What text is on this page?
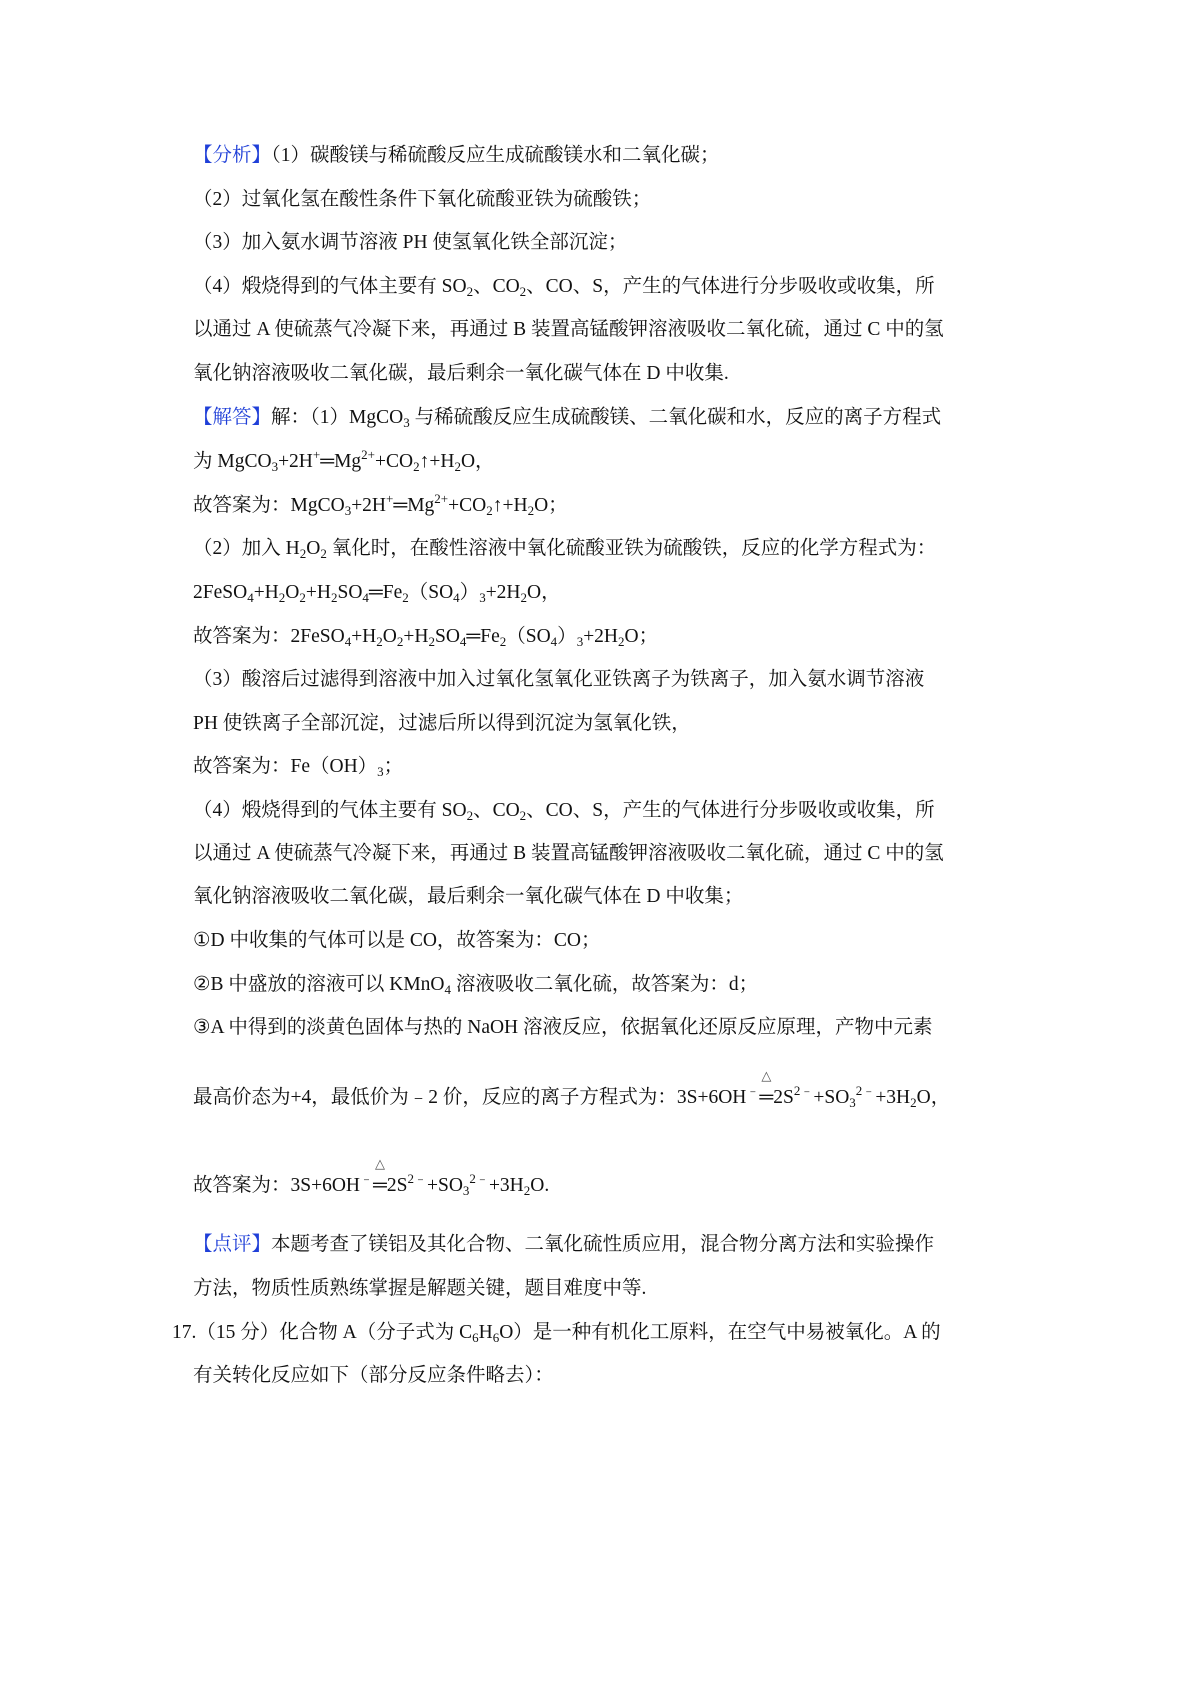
【分析】（1）碳酸镁与稀硫酸反应生成硫酸镁水和二氧化碳；
（2）过氧化氢在酸性条件下氧化硫酸亚铁为硫酸铁；
（3）加入氨水调节溶液 PH 使氢氧化铁全部沉淀；
（4）煅烧得到的气体主要有 $SO_2$、$CO_2$、CO、S，产生的气体进行分步吸收或收集，所
以通过 A 使硫蒸气冷凝下来，再通过 B 装置高锰酸钾溶液吸收二氧化硫，通过 C 中的氢
氧化钠溶液吸收二氧化碳，最后剩余一氧化碳气体在 D 中收集.
【解答】解：（1）MgCO$_3$ 与稀硫酸反应生成硫酸镁、二氧化碳和水，反应的离子方程式
为 $MgCO_3+2H^+═Mg^{2+}+CO_2↑+H_2O$，
故答案为：$MgCO_3+2H^+═Mg^{2+}+CO_2↑+H_2O$；
（2）加入 $H_2O_2$ 氧化时，在酸性溶液中氧化硫酸亚铁为硫酸铁，反应的化学方程式为：
$2FeSO_4+H_2O_2+H_2SO_4═Fe_2(SO_4)_3+2H_2O$，
故答案为：$2FeSO_4+H_2O_2+H_2SO_4═Fe_2(SO_4)_3+2H_2O$；
（3）酸溶后过滤得到溶液中加入过氧化氢氧化亚铁离子为铁离子，加入氨水调节溶液
PH 使铁离子全部沉淀，过滤后所以得到沉淀为氢氧化铁，
故答案为：$Fe(OH)_3$；
（4）煅烧得到的气体主要有 $SO_2$、$CO_2$、CO、S，产生的气体进行分步吸收或收集，所
以通过 A 使硫蒸气冷凝下来，再通过 B 装置高锰酸钾溶液吸收二氧化硫，通过 C 中的氢
氧化钠溶液吸收二氧化碳，最后剩余一氧化碳气体在 D 中收集；
①D 中收集的气体可以是 CO，故答案为：CO；
②B 中盛放的溶液可以 KMnO$_4$ 溶液吸收二氧化硫，故答案为：d；
③A 中得到的淡黄色固体与热的 NaOH 溶液反应，依据氧化还原反应原理，产物中元素
最高价态为+4，最低价为﹣2 价，反应的离子方程式为：3S+6OH﹣
△
$═2S^{2﹣}+SO_3^{2﹣}+3H_2O$，
故答案为：3S+6OH﹣
△
$═2S^{2﹣}+SO_3^{2﹣}+3H_2O$.
【点评】本题考查了镁铝及其化合物、二氧化硫性质应用，混合物分离方法和实验操作
方法，物质性质熟练掌握是解题关键，题目难度中等.
17.（15 分）化合物 A（分子式为 $C_6H_6O$）是一种有机化工原料，在空气中易被氧化。A 的
有关转化反应如下（部分反应条件略去）：
